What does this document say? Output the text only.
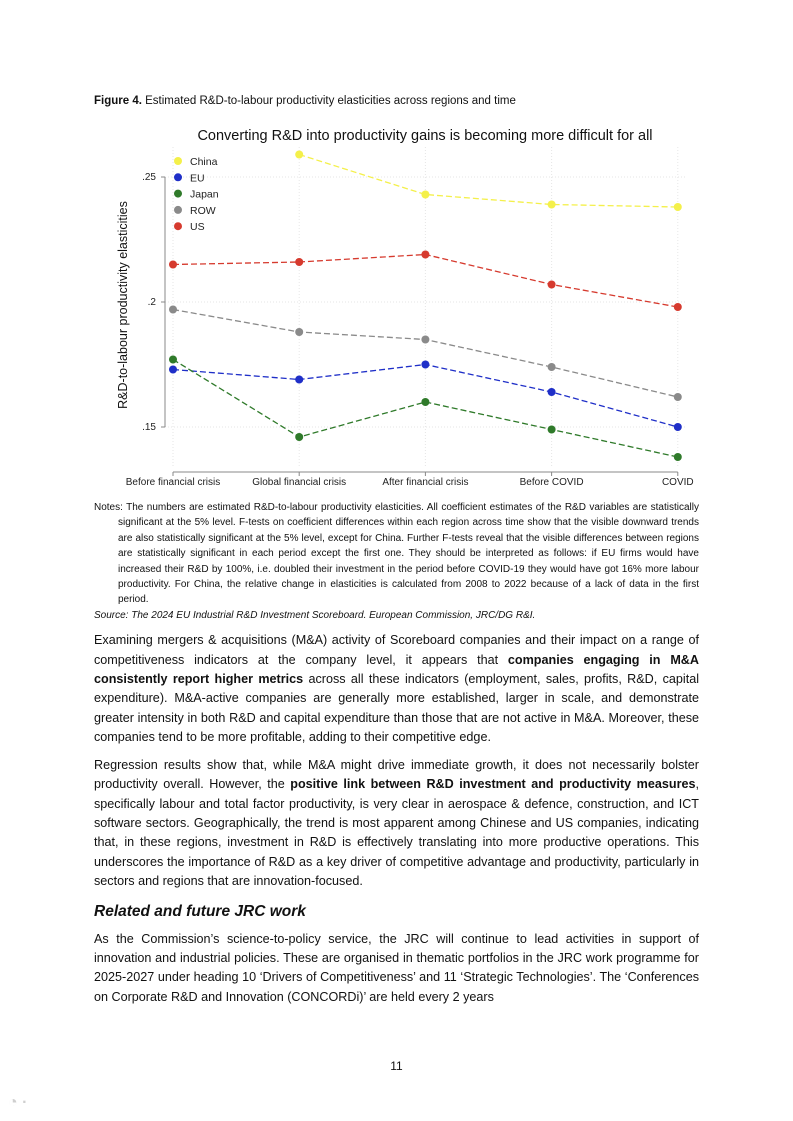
Figure 4. Estimated R&D-to-labour productivity elasticities across regions and time
.15
.2
.25
Before financial crisis	Global financial crisis	After financial crisis	Before COVID	COVID
Converting R&D into productivity gains is becoming more difficult for all
R&D-to-labour productivity elasticities
China
EU
Japan
ROW
US
Notes: The numbers are estimated R&D-to-labour productivity elasticities. All coefficient estimates of the R&D variables are statistically significant at the 5% level. F-tests on coefficient differences within each region across time show that the visible downward trends are also statistically significant at the 5% level, except for China. Further F-tests reveal that the visible differences between regions are statistically significant in each period except the first one. They should be interpreted as follows: if EU firms would have increased their R&D by 100%, i.e. doubled their investment in the period before COVID-19 they would have got 16% more labour productivity. For China, the relative change in elasticities is calculated from 2008 to 2022 because of a lack of data in the first period.
Source: The 2024 EU Industrial R&D Investment Scoreboard. European Commission, JRC/DG R&I.
Examining mergers & acquisitions (M&A) activity of Scoreboard companies and their impact on a range of competitiveness indicators at the company level, it appears that companies engaging in M&A consistently report higher metrics across all these indicators (employment, sales, profits, R&D, capital expenditure). M&A-active companies are generally more established, larger in scale, and demonstrate greater intensity in both R&D and capital expenditure than those that are not active in M&A. Moreover, these companies tend to be more profitable, adding to their competitive edge.
Regression results show that, while M&A might drive immediate growth, it does not necessarily bolster productivity overall. However, the positive link between R&D investment and productivity measures, specifically labour and total factor productivity, is very clear in aerospace & defence, construction, and ICT software sectors. Geographically, the trend is most apparent among Chinese and US companies, indicating that, in these regions, investment in R&D is effectively translating into more productive operations. This underscores the importance of R&D as a key driver of competitive advantage and productivity, particularly in sectors and regions that are innovation-focused.
Related and future JRC work
As the Commission’s science-to-policy service, the JRC will continue to lead activities in support of innovation and industrial policies. These are organised in thematic portfolios in the JRC work programme for 2025-2027 under heading 10 ‘Drivers of Competitiveness’ and 11 ‘Strategic Technologies’. The ‘Conferences on Corporate R&D and Innovation (CONCORDi)’ are held every 2 years
11
◔ ·
